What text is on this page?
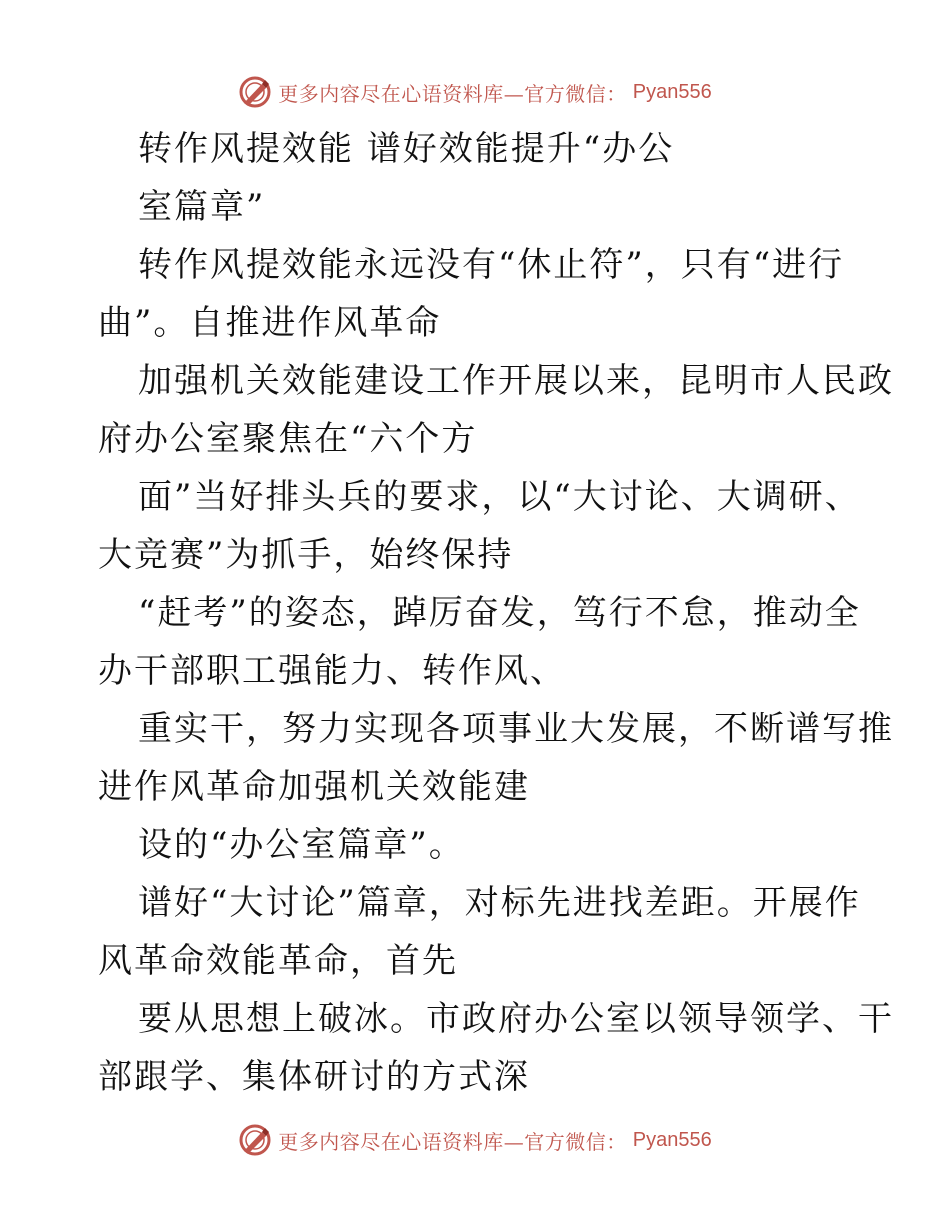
更多内容尽在心语资料库—官方微信： Pyan556
转作风提效能 谱好效能提升“办公
室篇章”
转作风提效能永远没有“休止符”，只有“进行
曲”。自推进作风革命
加强机关效能建设工作开展以来，昆明市人民政
府办公室聚焦在“六个方
面”当好排头兵的要求，以“大讨论、大调研、
大竞赛”为抓手，始终保持
“赶考”的姿态，踔厉奋发，笃行不怠，推动全
办干部职工强能力、转作风、
重实干，努力实现各项事业大发展，不断谱写推
进作风革命加强机关效能建
设的“办公室篇章”。
谱好“大讨论”篇章，对标先进找差距。开展作
风革命效能革命，首先
要从思想上破冰。市政府办公室以领导领学、干
部跟学、集体研讨的方式深
更多内容尽在心语资料库—官方微信： Pyan556
